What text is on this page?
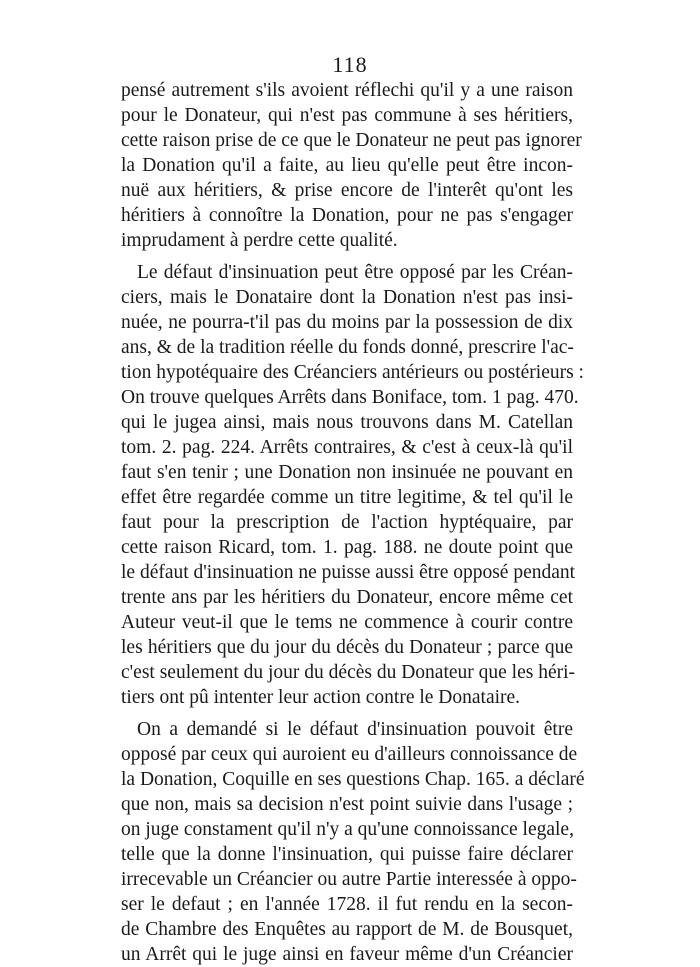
118
pensé autrement s'ils avoient réflechi qu'il y a une raison
pour le Donateur, qui n'est pas commune à ses héritiers,
cette raison prise de ce que le Donateur ne peut pas ignorer
la Donation qu'il a faite, au lieu qu'elle peut être incon-
nuë aux héritiers, & prise encore de l'interêt qu'ont les
héritiers à connoître la Donation, pour ne pas s'engager
imprudament à perdre cette qualité.
Le défaut d'insinuation peut être opposé par les Créan-
ciers, mais le Donataire dont la Donation n'est pas insi-
nuée, ne pourra-t'il pas du moins par la possession de dix
ans, & de la tradition réelle du fonds donné, prescrire l'ac-
tion hypotéquaire des Créanciers antérieurs ou postérieurs :
On trouve quelques Arrêts dans Boniface, tom. 1 pag. 470.
qui le jugea ainsi, mais nous trouvons dans M. Catellan
tom. 2. pag. 224. Arrêts contraires, & c'est à ceux-là qu'il
faut s'en tenir ; une Donation non insinuée ne pouvant en
effet être regardée comme un titre legitime, & tel qu'il le
faut pour la prescription de l'action hyptéquaire, par
cette raison Ricard, tom. 1. pag. 188. ne doute point que
le défaut d'insinuation ne puisse aussi être opposé pendant
trente ans par les héritiers du Donateur, encore même cet
Auteur veut-il que le tems ne commence à courir contre
les héritiers que du jour du décès du Donateur ; parce que
c'est seulement du jour du décès du Donateur que les héri-
tiers ont pû intenter leur action contre le Donataire.
On a demandé si le défaut d'insinuation pouvoit être
opposé par ceux qui auroient eu d'ailleurs connoissance de
la Donation, Coquille en ses questions Chap. 165. a déclaré
que non, mais sa decision n'est point suivie dans l'usage ;
on juge constament qu'il n'y a qu'une connoissance legale,
telle que la donne l'insinuation, qui puisse faire déclarer
irrecevable un Créancier ou autre Partie interessée à oppo-
ser le defaut ; en l'année 1728. il fut rendu en la secon-
de Chambre des Enquêtes au rapport de M. de Bousquet,
un Arrêt qui le juge ainsi en faveur même d'un Créancier
